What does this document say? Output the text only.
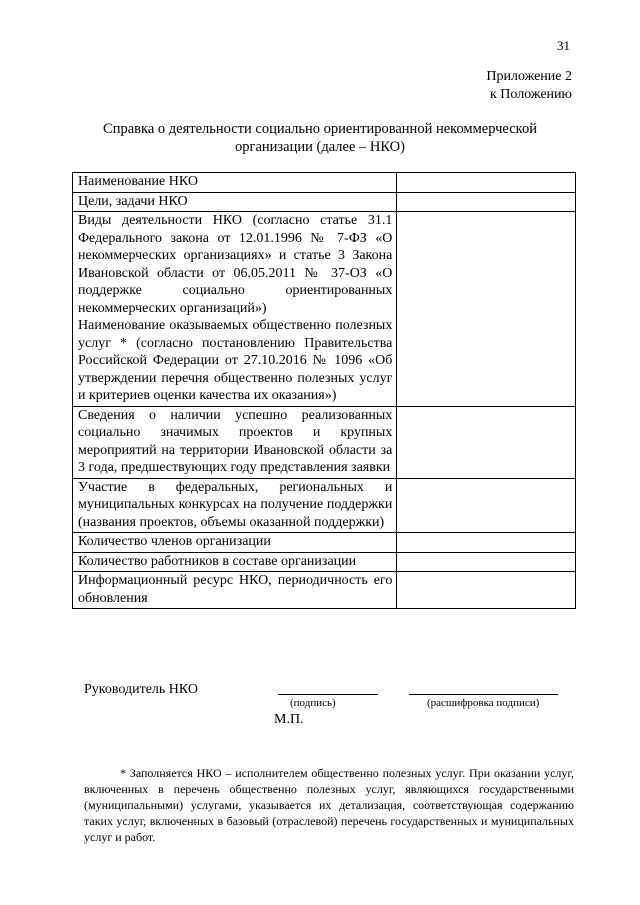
31
Приложение 2
к Положению
Справка о деятельности социально ориентированной некоммерческой
организации (далее – НКО)
Наименование НКО	
Цели, задачи НКО	

Виды деятельности НКО (согласно статье 31.1 Федерального закона от 12.01.1996 № 7-ФЗ «О некоммерческих организациях» и статье 3 Закона Ивановской области от 06.05.2011 № 37-ОЗ «О поддержке социально ориентированных некоммерческих организаций»)
Наименование оказываемых общественно полезных услуг * (согласно постановлению Правительства Российской Федерации от 27.10.2016 № 1096 «Об утверждении перечня общественно полезных услуг и критериев оценки качества их оказания»)	

Сведения о наличии успешно реализованных социально значимых проектов и крупных мероприятий на территории Ивановской области за 3 года, предшествующих году представления заявки	
Участие в федеральных, региональных и муниципальных конкурсах на получение поддержки (названия проектов, объемы оказанной поддержки)	
Количество членов организации	
Количество работников в составе организации	
Информационный ресурс НКО, периодичность его обновления	
Руководитель НКО
(подпись)	(расшифровка подписи)
М.П.
* Заполняется НКО – исполнителем общественно полезных услуг. При оказании услуг, включенных в перечень общественно полезных услуг, являющихся государственными (муниципальными) услугами, указывается их детализация, соответствующая содержанию таких услуг, включенных в базовый (отраслевой) перечень государственных и муниципальных услуг и работ.
